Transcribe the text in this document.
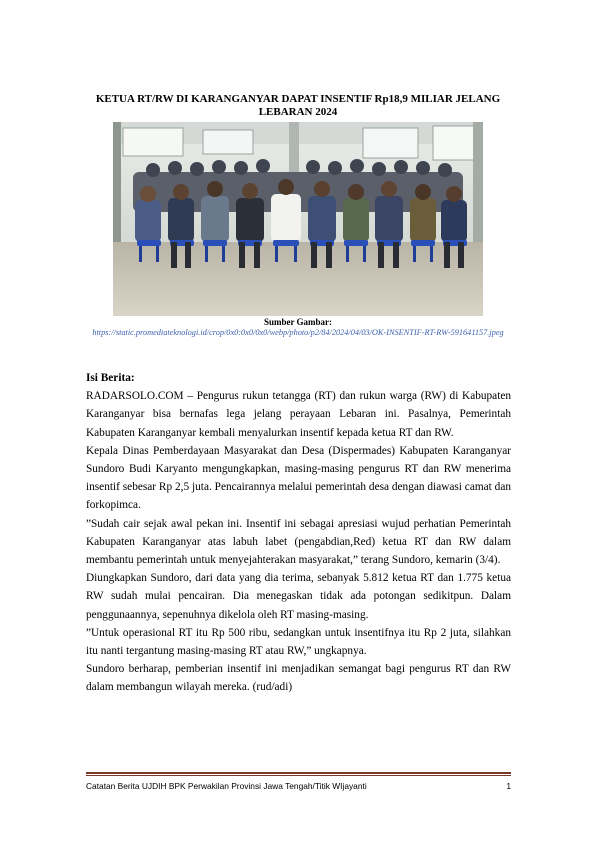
KETUA RT/RW DI KARANGANYAR DAPAT INSENTIF Rp18,9 MILIAR JELANG LEBARAN 2024
Sumber Gambar:
https://static.promediateknologi.id/crop/0x0:0x0/0x0/webp/photo/p2/84/2024/04/03/OK-INSENTIF-RT-RW-591641157.jpeg

Isi Berita:

RADARSOLO.COM – Pengurus rukun tetangga (RT) dan rukun warga (RW) di Kabupaten Karanganyar bisa bernafas lega jelang perayaan Lebaran ini. Pasalnya, Pemerintah Kabupaten Karanganyar kembali menyalurkan insentif kepada ketua RT dan RW.

Kepala Dinas Pemberdayaan Masyarakat dan Desa (Dispermades) Kabupaten Karanganyar Sundoro Budi Karyanto mengungkapkan, masing-masing pengurus RT dan RW menerima insentif sebesar Rp 2,5 juta. Pencairannya melalui pemerintah desa dengan diawasi camat dan forkopimca.

”Sudah cair sejak awal pekan ini. Insentif ini sebagai apresiasi wujud perhatian Pemerintah Kabupaten Karanganyar atas labuh labet (pengabdian,Red) ketua RT dan RW dalam membantu pemerintah untuk menyejahterakan masyarakat,” terang Sundoro, kemarin (3/4).

Diungkapkan Sundoro, dari data yang dia terima, sebanyak 5.812 ketua RT dan 1.775 ketua RW sudah mulai pencairan. Dia menegaskan tidak ada potongan sedikitpun. Dalam penggunaannya, sepenuhnya dikelola oleh RT masing-masing.

”Untuk operasional RT itu Rp 500 ribu, sedangkan untuk insentifnya itu Rp 2 juta, silahkan itu nanti tergantung masing-masing RT atau RW,” ungkapnya.

Sundoro berharap, pemberian insentif ini menjadikan semangat bagi pengurus RT dan RW dalam membangun wilayah mereka. (rud/adi)

Catatan Berita UJDIH BPK Perwakilan Provinsi Jawa Tengah/Titik WIjayanti	1
